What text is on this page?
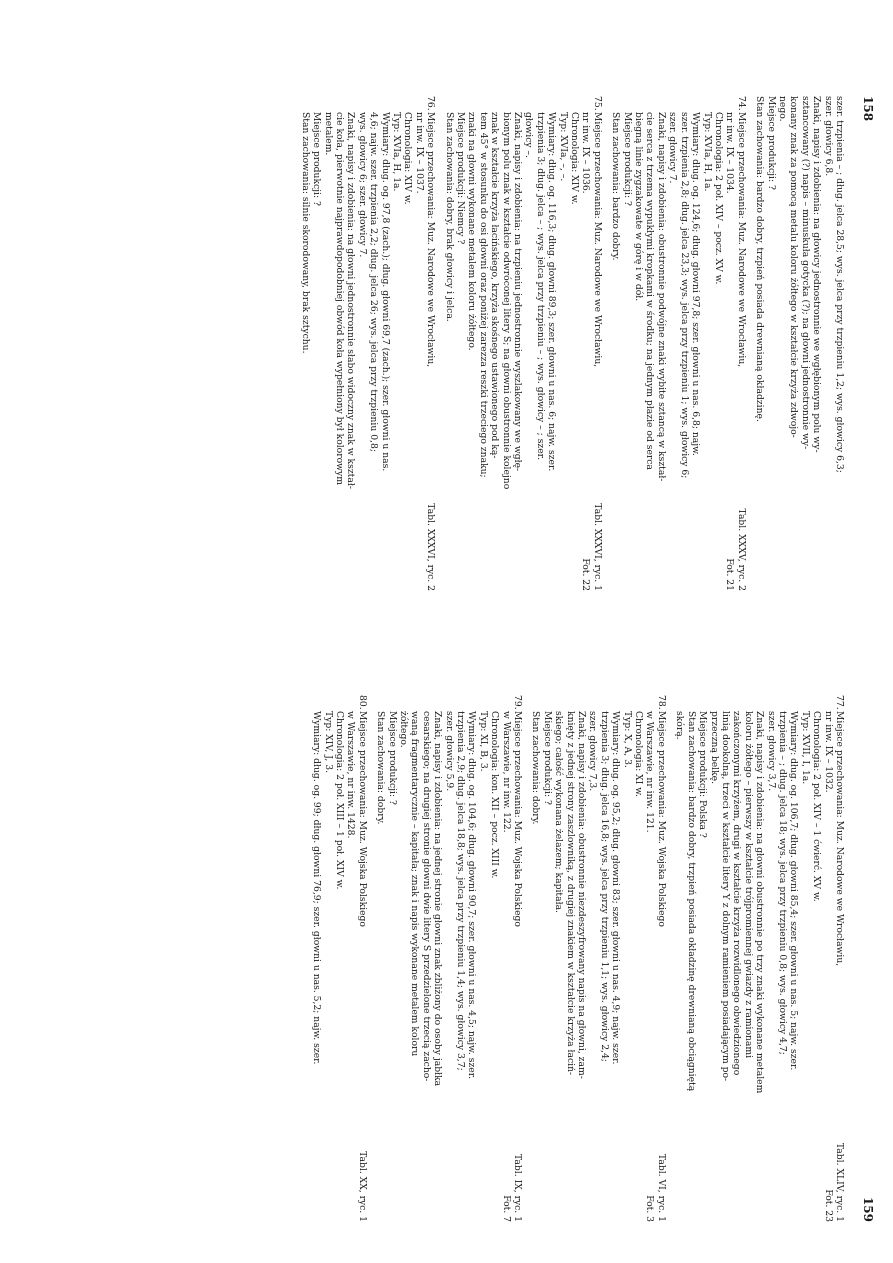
158

szer. trzpienia – ; dług. jelca 28,5; wys. jelca przy trzpieniu 1,2; wys. głowicy 6,3;

szer. głowicy 6,8.

Znaki, napisy i zdobienia: na głowicy jednostronnie we wgłębionym polu wy-

sztancowany (?) napis – minuskuła gotycka (?); na głowni jednostronnie wy-

konany znak za pomocą metalu koloru żółtego w kształcie krzyża zdwojo-

nego.

Miejsce produkcji: ?

Stan zachowania: bardzo dobry, trzpień posiada drewnianą okładzinę.

74.

Tabl. XXXV, ryc. 2
Fot. 21
Miejsce przechowania: Muz. Narodowe we Wrocławiu,

nr inw. IX – 1034.

Chronologia: 2 poł. XIV – pocz. XV w.

Typ: XVIa, H, 1a.

Wymiary: dług. og. 124,6; dług. głowni 97,8; szer. głowni u nas. 6,8; najw.

szer. trzpienia 2,8; dług. jelca 23,3; wys. jelca przy trzpieniu 1; wys. głowicy 6;

szer. głowicy 7.

Znaki, napisy i zdobienia: obustronnie podwójne znaki wybite sztancą w kształ-

cie serca z trzema wypukłymi kropkami w środku; na jednym płazie od serca

biegną linie zygzakowate w górę i w dół.

Miejsce produkcji: ?

Stan zachowania: bardzo dobry.

75.

Tabl. XXXVI, ryc. 1
Fot. 22
Miejsce przechowania: Muz. Narodowe we Wrocławiu,

nr inw. IX – 1036.

Chronologia: XIV w.

Typ: XVIa, –, –.

Wymiary: dług. og. 116,3; dług. głowni 89,3; szer. głowni u nas. 6; najw. szer.

trzpienia 3; dług. jelca – ; wys. jelca przy trzpieniu – ; wys. głowicy – ; szer.

głowicy –.

Znaki, napisy i zdobienia: na trzpieniu jednostronnie wyszlakowany we wgłę-

bionym polu znak w kształcie odwróconej litery S; na głowni obustronnie kolejno

znak w kształcie krzyża łacińskiego, krzyża skośnego ustawionego pod ką-

tem 45° w stosunku do osi głowni oraz poniżej zarezza reszki trzeciego znaku;

znaki na głowni wykonane metalem koloru żółtego.

Miejsce produkcji: Niemcy ?

Stan zachowania: dobry, brak głowicy i jelca.

76.

Tabl. XXXVI, ryc. 2
Miejsce przechowania: Muz. Narodowe we Wrocławiu,

nr inw. IX – 1037.

Chronologia: XIV w.

Typ: XVIa, H, 1a.

Wymiary: dług. og. 97,8 (zach.); dług. głowni 69,7 (zach.); szer. głowni u nas.

4,6; najw. szer. trzpienia 2,2; dług. jelca 26; wys. jelca przy trzpieniu 0,8;

wys. głowicy 6; szer. głowicy 7.

Znaki, napisy i zdobienia: na głowni jednostronnie słabo widoczny znak w kształ-

cie koła, pierwotnie najprawdopodobniej obwód koła wypełniony był kolorowym

metalem.

Miejsce produkcji: ?

Stan zachowania: silnie skorodowany, brak sztychu.

159
77.

Tabl. XLIV, ryc. 1
Fot. 23
Miejsce przechowania: Muz. Narodowe we Wrocławiu,

nr inw. IX – 1032.

Chronologia: 2 poł. XIV – 1 ćwierć. XV w.

Typ: XVII, I, 1a.

Wymiary: dług. og. 106,7; dług. głowni 85,4; szer. głowni u nas. 5; najw. szer.

trzpienia – ; dług. jelca 18; wys. jelca przy trzpieniu 0,8; wys. głowicy 4,7;

szer. głowicy 3,7.

Znaki, napisy i zdobienia: na głowni obustronnie po trzy znaki wykonane metalem

koloru żółtego – pierwszy w kształcie trójpromiennej gwiazdy z ramionami

zakończonymi krzyżem, drugi w kształcie krzyża rozwidlonego obwiedzionego

linią dookolną, trzeci w kształcie litery Y z dolnym ramieniem posiadającym po-

przeczną belkę.

Miejsce produkcji: Polska ?

Stan zachowania: bardzo dobry, trzpień posiada okładzinę drewnianą obciągniętą

skórą.

78.

Tabl. VI, ryc. 1
Fot. 3
Miejsce przechowania: Muz. Wojska Polskiego

w Warszawie, nr inw. 121.

Chronologia: XI w.

Typ: X, A, 3.

Wymiary: dług. og. 95,2; dług. głowni 83; szer. głowni u nas. 4,9; najw. szer.

trzpienia 3; dług. jelca 16,8; wys. jelca przy trzpieniu 1,1; wys. głowicy 2,4;

szer. głowicy 7,3.

Znaki, napisy i zdobienia: obustronnie niezdeszyfrowany napis na głowni, zam-

knięty z jednej strony zaszlowniką, z drugiej znakiem w kształcie krzyża łaciń-

skiego; całość wykonana żelazem; kapitała.

Miejsce produkcji: ?

Stan zachowania: dobry.

79.

Tabl. IX, ryc. 1
Fot. 7
Miejsce przechowania: Muz. Wojska Polskiego

w Warszawie, nr inw. 122.

Chronologia: kon. XII – pocz. XIII w.

Typ: XI, B, 3.

Wymiary: dług. og. 104,6; dług. głowni 90,7; szer. głowni u nas. 4,5; najw. szer.

trzpienia 2,9; dług. jelca 18,8; wys. jelca przy trzpieniu 1,4; wys. głowicy 3,7;

szer. głowicy 5,9.

Znaki, napisy i zdobienia: na jednej stronie głowni znak zbliżony do osoby jabłka

cesarskiego; na drugiej stronie głowni dwie litery S przedzielone trzecią zacho-

waną fragmentarycznie – kapitała; znak i napis wykonane metalem koloru

żółtego.

Miejsce produkcji: ?

Stan zachowania: dobry.

80.

Tabl. XX, ryc. 1
Miejsce przechowania: Muz. Wojska Polskiego

w Warszawie, nr inw. 1428.

Chronologia: 2 poł. XIII – 1 poł. XIV w.

Typ: XIV, J, 3.

Wymiary: dług. og. 99; dług. głowni 76,9; szer. głowni u nas. 5,2; najw. szer.
